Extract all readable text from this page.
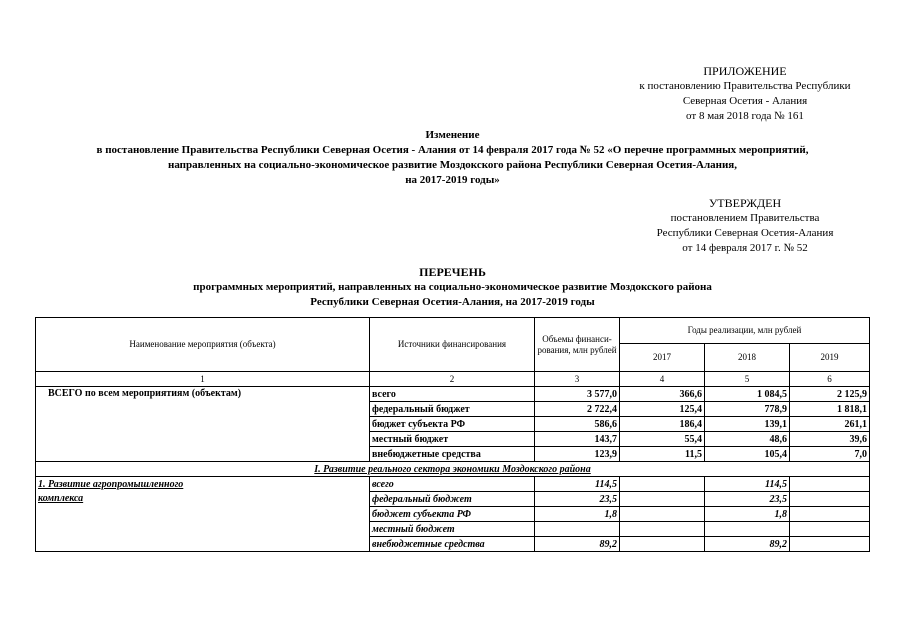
ПРИЛОЖЕНИЕ
к постановлению Правительства Республики
Северная Осетия - Алания
от 8 мая 2018 года № 161
Изменение
в постановление Правительства Республики Северная Осетия - Алания от 14 февраля 2017 года № 52 «О перечне программных мероприятий,
направленных на социально-экономическое развитие Моздокского района Республики Северная Осетия-Алания,
на 2017-2019 годы»
УТВЕРЖДЕН
постановлением Правительства
Республики Северная Осетия-Алания
от 14 февраля 2017 г. № 52
ПЕРЕЧЕНЬ
программных мероприятий, направленных на социально-экономическое развитие Моздокского района
Республики Северная Осетия-Алания, на 2017-2019 годы
Наименование мероприятия (объекта)	Источники финансирования	Объемы финанси-рования, млн рублей	Годы реализации, млн рублей		
			2017	2018	2019
1	2	3	4	5	6
ВСЕГО по всем мероприятиям (объектам)	всего	3 577,0	366,6	1 084,5	2 125,9
	федеральный бюджет	2 722,4	125,4	778,9	1 818,1
	бюджет субъекта РФ	586,6	186,4	139,1	261,1
	местный бюджет	143,7	55,4	48,6	39,6
	внебюджетные средства	123,9	11,5	105,4	7,0
I. Развитие реального сектора экономики Моздокского района					
1. Развитие агропромышленного	всего	114,5		114,5	
комплекса	федеральный бюджет	23,5		23,5	
	бюджет субъекта РФ	1,8		1,8	
	местный бюджет				
	внебюджетные средства	89,2		89,2	
